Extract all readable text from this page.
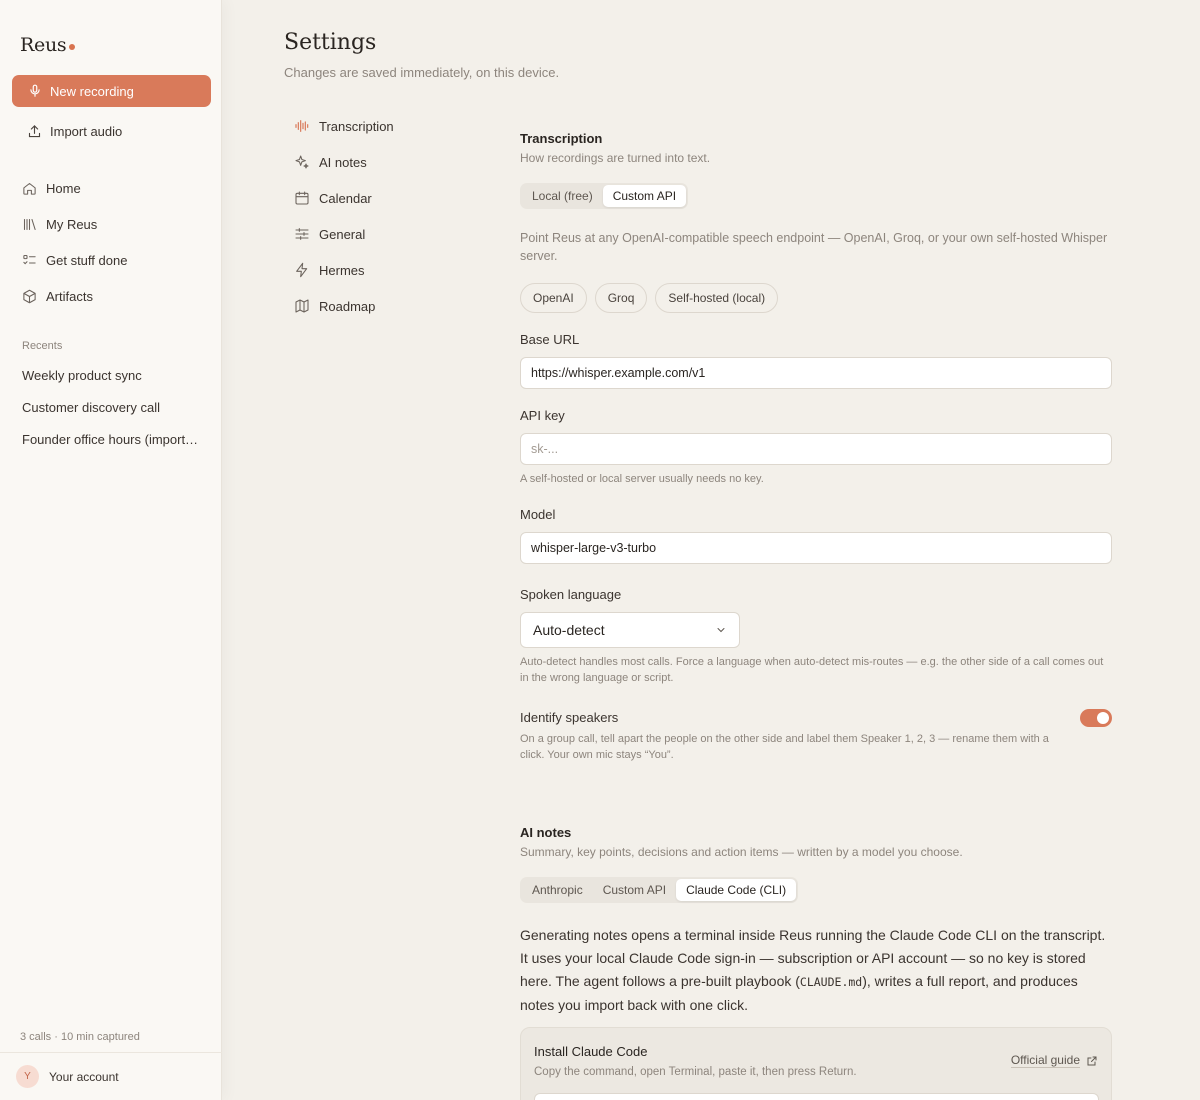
Reus
New recording
Import audio
Home
My Reus
Get stuff done
Artifacts
Recents
Weekly product sync
Customer discovery call
Founder office hours (import…
3 calls · 10 min captured
Y	Your account
Settings
Changes are saved immediately, on this device.
Transcription
AI notes
Calendar
General
Hermes
Roadmap
Transcription
How recordings are turned into text.
Local (free)	Custom API
Point Reus at any OpenAI-compatible speech endpoint — OpenAI, Groq, or your own self-hosted Whisper server.
OpenAI	Groq	Self-hosted (local)
Base URL
https://whisper.example.com/v1
API key
sk-...
A self-hosted or local server usually needs no key.
Model
whisper-large-v3-turbo
Spoken language
Auto-detect
Auto-detect handles most calls. Force a language when auto-detect mis-routes — e.g. the other side of a call comes out in the wrong language or script.
Identify speakers
On a group call, tell apart the people on the other side and label them Speaker 1, 2, 3 — rename them with a click. Your own mic stays “You”.
AI notes
Summary, key points, decisions and action items — written by a model you choose.
Anthropic	Custom API	Claude Code (CLI)
Generating notes opens a terminal inside Reus running the Claude Code CLI on the transcript. It uses your local Claude Code sign-in — subscription or API account — so no key is stored here. The agent follows a pre-built playbook (CLAUDE.md), writes a full report, and produces notes you import back with one click.
Install Claude Code
Copy the command, open Terminal, paste it, then press Return.
Official guide
